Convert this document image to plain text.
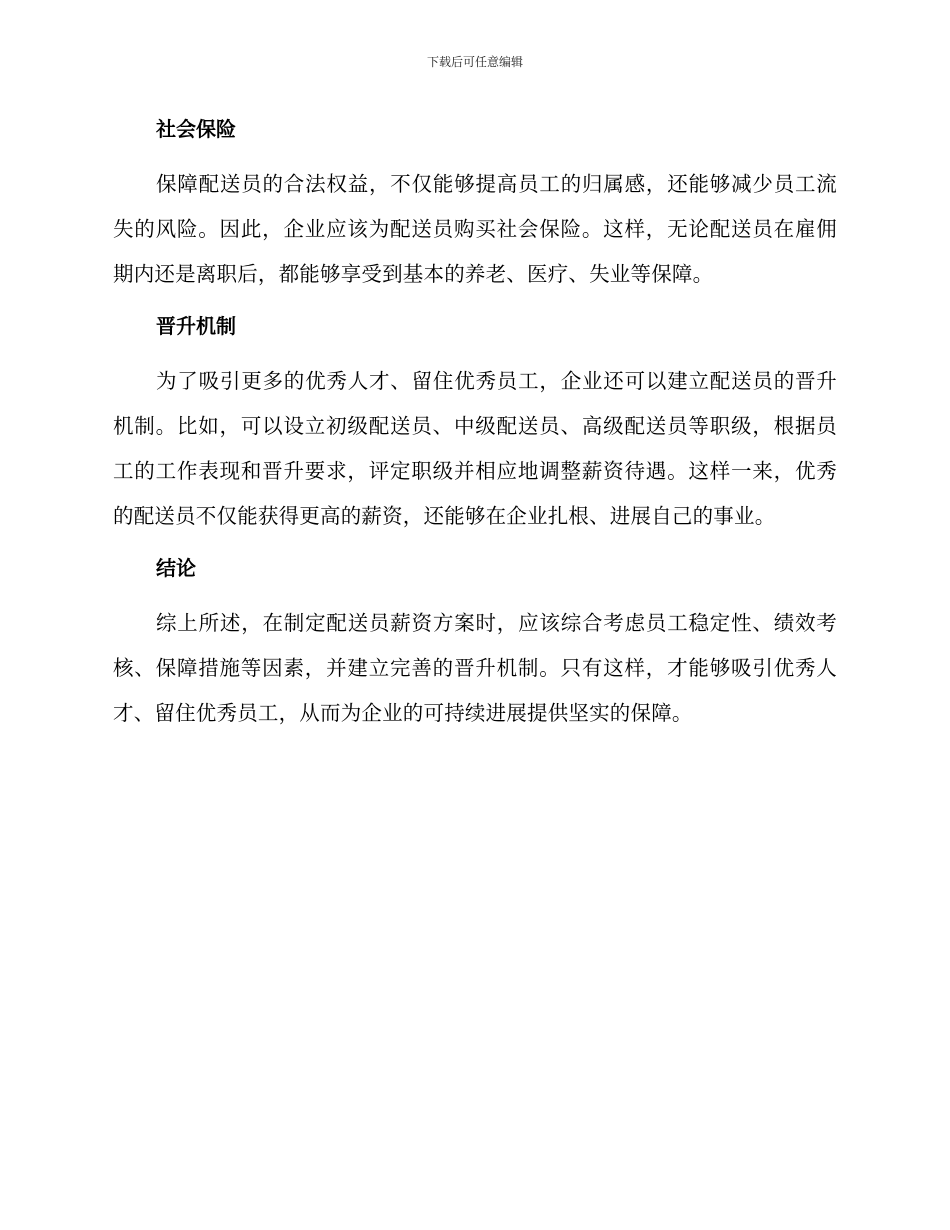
下载后可任意编辑
社会保险

保障配送员的合法权益，不仅能够提高员工的归属感，还能够减少员工流失的风险。因此，企业应该为配送员购买社会保险。这样，无论配送员在雇佣期内还是离职后，都能够享受到基本的养老、医疗、失业等保障。

晋升机制

为了吸引更多的优秀人才、留住优秀员工，企业还可以建立配送员的晋升机制。比如，可以设立初级配送员、中级配送员、高级配送员等职级，根据员工的工作表现和晋升要求，评定职级并相应地调整薪资待遇。这样一来，优秀的配送员不仅能获得更高的薪资，还能够在企业扎根、进展自己的事业。

结论

综上所述，在制定配送员薪资方案时，应该综合考虑员工稳定性、绩效考核、保障措施等因素，并建立完善的晋升机制。只有这样，才能够吸引优秀人才、留住优秀员工，从而为企业的可持续进展提供坚实的保障。
